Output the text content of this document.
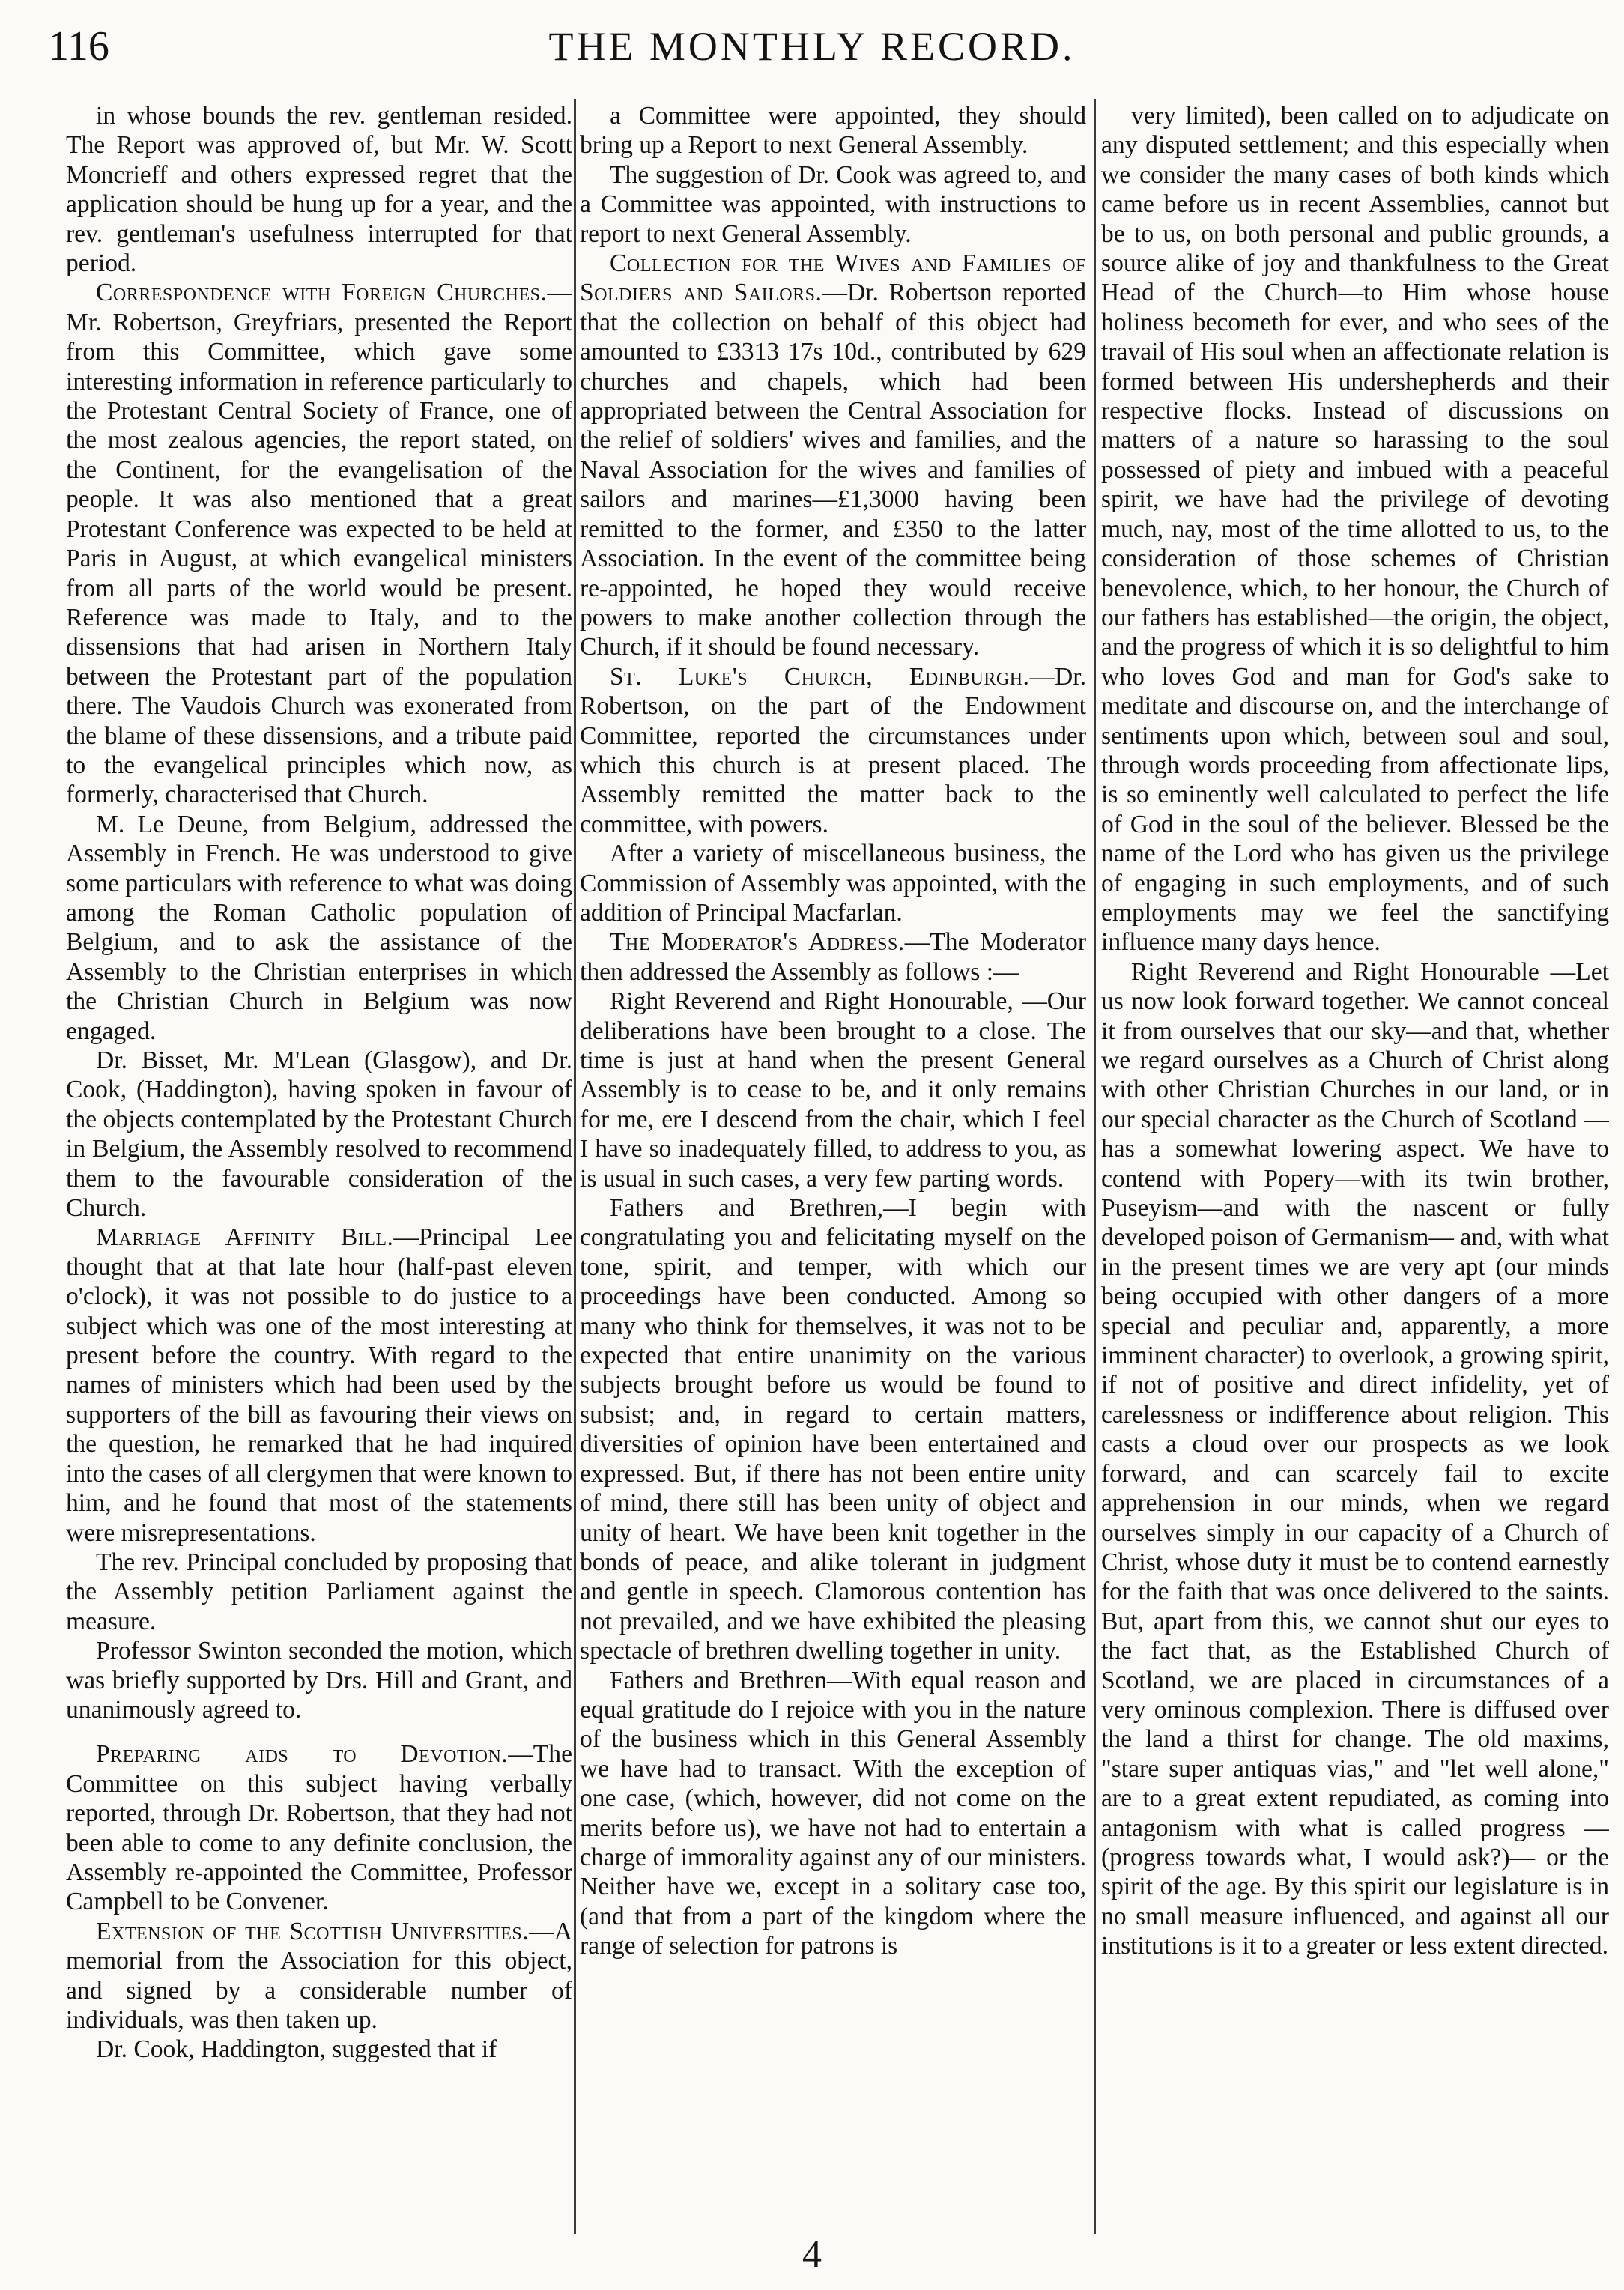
116	THE MONTHLY RECORD.

in whose bounds the rev. gentleman resided. The Report was approved of, but Mr. W. Scott Moncrieff and others expressed regret that the application should be hung up for a year, and the rev. gentleman's usefulness interrupted for that period.

Correspondence with Foreign Churches.—Mr. Robertson, Greyfriars, presented the Report from this Committee, which gave some interesting information in reference particularly to the Protestant Central Society of France, one of the most zealous agencies, the report stated, on the Continent, for the evangelisation of the people. It was also mentioned that a great Protestant Conference was expected to be held at Paris in August, at which evangelical ministers from all parts of the world would be present. Reference was made to Italy, and to the dissensions that had arisen in Northern Italy between the Protestant part of the population there. The Vaudois Church was exonerated from the blame of these dissensions, and a tribute paid to the evangelical principles which now, as formerly, characterised that Church.

M. Le Deune, from Belgium, addressed the Assembly in French. He was understood to give some particulars with reference to what was doing among the Roman Catholic population of Belgium, and to ask the assistance of the Assembly to the Christian enterprises in which the Christian Church in Belgium was now engaged.

Dr. Bisset, Mr. M'Lean (Glasgow), and Dr. Cook, (Haddington), having spoken in favour of the objects contemplated by the Protestant Church in Belgium, the Assembly resolved to recommend them to the favourable consideration of the Church.

Marriage Affinity Bill.—Principal Lee thought that at that late hour (half-past eleven o'clock), it was not possible to do justice to a subject which was one of the most interesting at present before the country. With regard to the names of ministers which had been used by the supporters of the bill as favouring their views on the question, he remarked that he had inquired into the cases of all clergymen that were known to him, and he found that most of the statements were misrepresentations.

The rev. Principal concluded by proposing that the Assembly petition Parliament against the measure.

Professor Swinton seconded the motion, which was briefly supported by Drs. Hill and Grant, and unanimously agreed to.

Preparing aids to Devotion.—The Committee on this subject having verbally reported, through Dr. Robertson, that they had not been able to come to any definite conclusion, the Assembly re-appointed the Committee, Professor Campbell to be Convener.

Extension of the Scottish Universities.—A memorial from the Association for this object, and signed by a considerable number of individuals, was then taken up.

Dr. Cook, Haddington, suggested that if

a Committee were appointed, they should bring up a Report to next General Assembly.

The suggestion of Dr. Cook was agreed to, and a Committee was appointed, with instructions to report to next General Assembly.

Collection for the Wives and Families of Soldiers and Sailors.—Dr. Robertson reported that the collection on behalf of this object had amounted to £3313 17s 10d., contributed by 629 churches and chapels, which had been appropriated between the Central Association for the relief of soldiers' wives and families, and the Naval Association for the wives and families of sailors and marines—£1,3000 having been remitted to the former, and £350 to the latter Association. In the event of the committee being re-appointed, he hoped they would receive powers to make another collection through the Church, if it should be found necessary.

St. Luke's Church, Edinburgh.—Dr. Robertson, on the part of the Endowment Committee, reported the circumstances under which this church is at present placed. The Assembly remitted the matter back to the committee, with powers.

After a variety of miscellaneous business, the Commission of Assembly was appointed, with the addition of Principal Macfarlan.

The Moderator's Address.—The Moderator then addressed the Assembly as follows :—

Right Reverend and Right Honourable, —Our deliberations have been brought to a close. The time is just at hand when the present General Assembly is to cease to be, and it only remains for me, ere I descend from the chair, which I feel I have so inadequately filled, to address to you, as is usual in such cases, a very few parting words.

Fathers and Brethren,—I begin with congratulating you and felicitating myself on the tone, spirit, and temper, with which our proceedings have been conducted. Among so many who think for themselves, it was not to be expected that entire unanimity on the various subjects brought before us would be found to subsist; and, in regard to certain matters, diversities of opinion have been entertained and expressed. But, if there has not been entire unity of mind, there still has been unity of object and unity of heart. We have been knit together in the bonds of peace, and alike tolerant in judgment and gentle in speech. Clamorous contention has not prevailed, and we have exhibited the pleasing spectacle of brethren dwelling together in unity.

Fathers and Brethren—With equal reason and equal gratitude do I rejoice with you in the nature of the business which in this General Assembly we have had to transact. With the exception of one case, (which, however, did not come on the merits before us), we have not had to entertain a charge of immorality against any of our ministers. Neither have we, except in a solitary case too, (and that from a part of the kingdom where the range of selection for patrons is

very limited), been called on to adjudicate on any disputed settlement; and this especially when we consider the many cases of both kinds which came before us in recent Assemblies, cannot but be to us, on both personal and public grounds, a source alike of joy and thankfulness to the Great Head of the Church—to Him whose house holiness becometh for ever, and who sees of the travail of His soul when an affectionate relation is formed between His undershepherds and their respective flocks. Instead of discussions on matters of a nature so harassing to the soul possessed of piety and imbued with a peaceful spirit, we have had the privilege of devoting much, nay, most of the time allotted to us, to the consideration of those schemes of Christian benevolence, which, to her honour, the Church of our fathers has established—the origin, the object, and the progress of which it is so delightful to him who loves God and man for God's sake to meditate and discourse on, and the interchange of sentiments upon which, between soul and soul, through words proceeding from affectionate lips, is so eminently well calculated to perfect the life of God in the soul of the believer. Blessed be the name of the Lord who has given us the privilege of engaging in such employments, and of such employments may we feel the sanctifying influence many days hence.

Right Reverend and Right Honourable —Let us now look forward together. We cannot conceal it from ourselves that our sky—and that, whether we regard ourselves as a Church of Christ along with other Christian Churches in our land, or in our special character as the Church of Scotland —has a somewhat lowering aspect. We have to contend with Popery—with its twin brother, Puseyism—and with the nascent or fully developed poison of Germanism— and, with what in the present times we are very apt (our minds being occupied with other dangers of a more special and peculiar and, apparently, a more imminent character) to overlook, a growing spirit, if not of positive and direct infidelity, yet of carelessness or indifference about religion. This casts a cloud over our prospects as we look forward, and can scarcely fail to excite apprehension in our minds, when we regard ourselves simply in our capacity of a Church of Christ, whose duty it must be to contend earnestly for the faith that was once delivered to the saints. But, apart from this, we cannot shut our eyes to the fact that, as the Established Church of Scotland, we are placed in circumstances of a very ominous complexion. There is diffused over the land a thirst for change. The old maxims, "stare super antiquas vias," and "let well alone," are to a great extent repudiated, as coming into antagonism with what is called progress —(progress towards what, I would ask?)— or the spirit of the age. By this spirit our legislature is in no small measure influenced, and against all our institutions is it to a greater or less extent directed.

4
